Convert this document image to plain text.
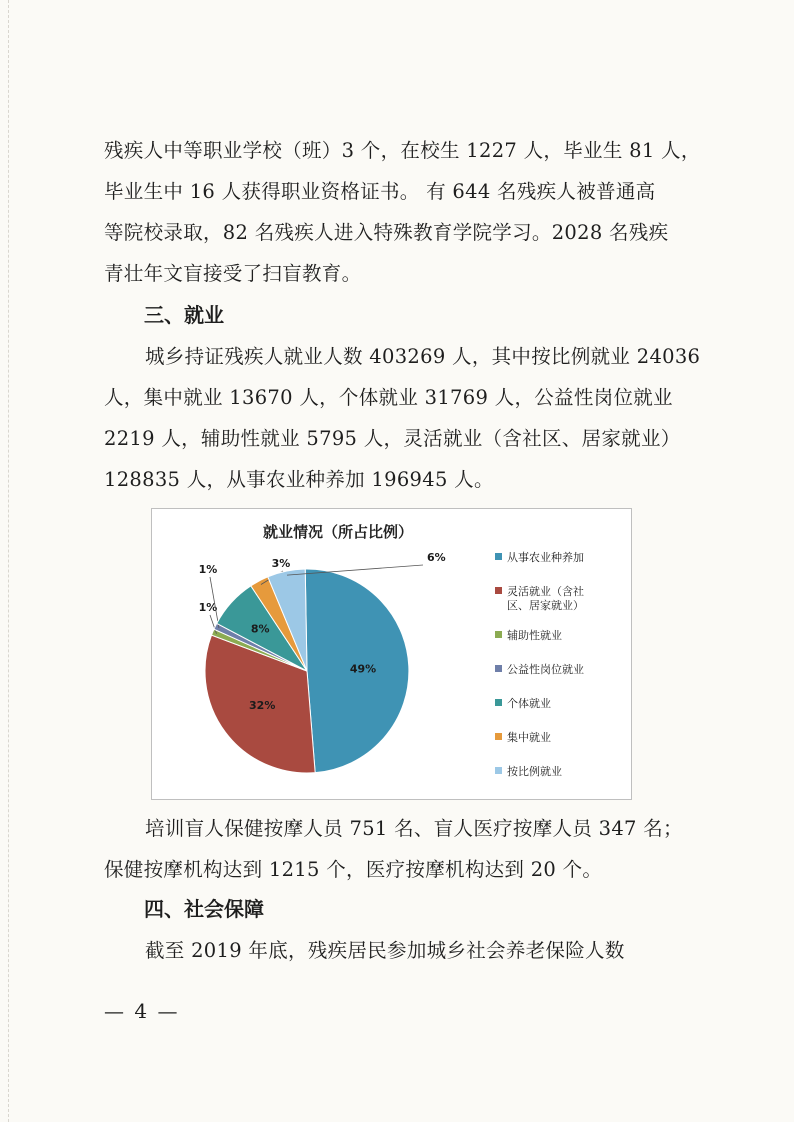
残疾人中等职业学校（班）3 个，在校生 1227 人，毕业生 81 人，
毕业生中 16 人获得职业资格证书。 有 644 名残疾人被普通高
等院校录取，82 名残疾人进入特殊教育学院学习。2028 名残疾
青壮年文盲接受了扫盲教育。
三、就业
城乡持证残疾人就业人数 403269 人，其中按比例就业 24036
人，集中就业 13670 人，个体就业 31769 人，公益性岗位就业
2219 人，辅助性就业 5795 人，灵活就业（含社区、居家就业）
128835 人，从事农业种养加 196945 人。
就业情况（所占比例）
49%
32%
1%
1%
8%
3%	6%	从事农业种养加
灵活就业（含社
区、居家就业）
辅助性就业
公益性岗位就业
个体就业
集中就业
按比例就业
培训盲人保健按摩人员 751 名、盲人医疗按摩人员 347 名；
保健按摩机构达到 1215 个，医疗按摩机构达到 20 个。
四、社会保障
截至 2019 年底，残疾居民参加城乡社会养老保险人数
— 4 —
